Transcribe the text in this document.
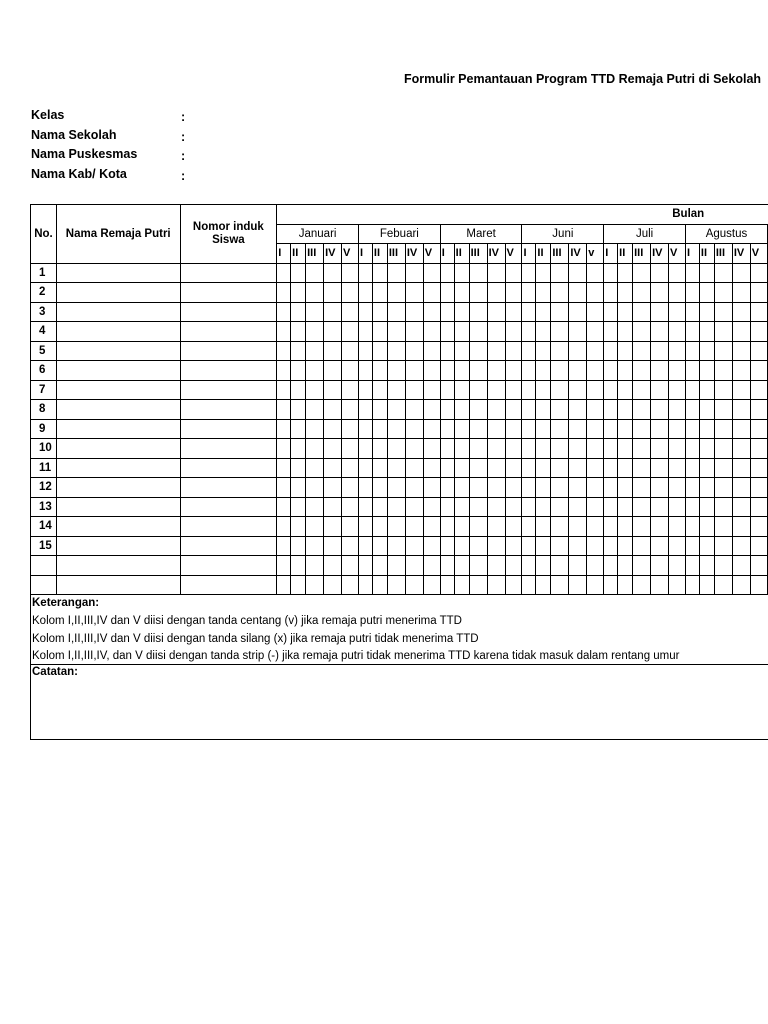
Formulir Pemantauan Program TTD Remaja Putri di Sekolah
Kelas	:
Nama Sekolah	:
Nama Puskesmas	:
Nama Kab/ Kota	:
No.	Nama Remaja Putri	Nomor induk Siswa	Bulan																													
			Januari					Febuari					Maret					Juni					Juli					Agustus				
			I	II	III	IV	V	I	II	III	IV	V	I	II	III	IV	V	I	II	III	IV	v	I	II	III	IV	V	I	II	III	IV	V
1																																
2																																
3																																
4																																
5																																
6																																
7																																
8																																
9																																
10																																
11																																
12																																
13																																
14																																
15																																

Keterangan:																																
Kolom I,II,III,IV dan V diisi dengan tanda centang (v) jika remaja putri menerima TTD																																
Kolom I,II,III,IV dan V diisi dengan tanda silang (x) jika remaja putri tidak menerima TTD																																
Kolom I,II,III,IV, dan V diisi dengan tanda strip (-) jika remaja putri tidak menerima TTD karena tidak masuk dalam rentang umur																																
Catatan:																																
